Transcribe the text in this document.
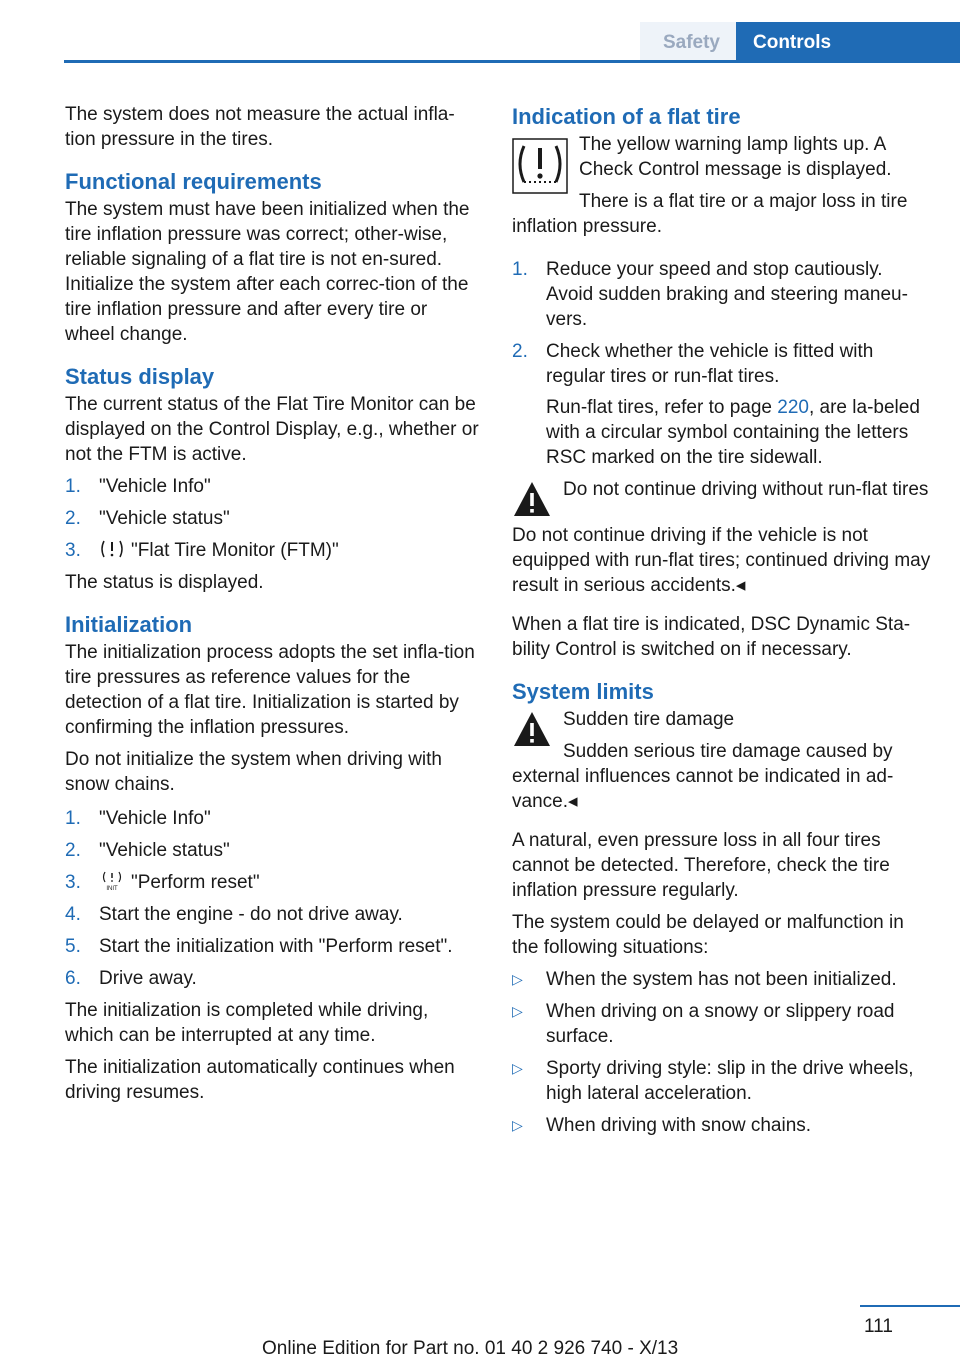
Safety	Controls

The system does not measure the actual infla-tion pressure in the tires.

Functional requirements

The system must have been initialized when the tire inflation pressure was correct; other-wise, reliable signaling of a flat tire is not en-sured. Initialize the system after each correc-tion of the tire inflation pressure and after every tire or wheel change.

Status display

The current status of the Flat Tire Monitor can be displayed on the Control Display, e.g., whether or not the FTM is active.

1. "Vehicle Info"
2. "Vehicle status"
3.	"Flat Tire Monitor (FTM)"

The status is displayed.

Initialization

The initialization process adopts the set infla-tion tire pressures as reference values for the detection of a flat tire. Initialization is started by confirming the inflation pressures.

Do not initialize the system when driving with snow chains.

1. "Vehicle Info"
2. "Vehicle status"
3.	INIT "Perform reset"
4. Start the engine - do not drive away.
5. Start the initialization with "Perform reset".
6. Drive away.

The initialization is completed while driving, which can be interrupted at any time.

The initialization automatically continues when driving resumes.

Indication of a flat tire

The yellow warning lamp lights up. A Check Control message is displayed.

There is a flat tire or a major loss in tire

inflation pressure.

1. Reduce your speed and stop cautiously. Avoid sudden braking and steering maneu-vers.
2. Check whether the vehicle is fitted with regular tires or run-flat tires.

Run-flat tires, refer to page 220, are la-beled with a circular symbol containing the letters RSC marked on the tire sidewall.

Do not continue driving without run-flat tires

Do not continue driving if the vehicle is not equipped with run-flat tires; continued driving may result in serious accidents.◂

When a flat tire is indicated, DSC Dynamic Sta-bility Control is switched on if necessary.

System limits

Sudden tire damage

Sudden serious tire damage caused by

external influences cannot be indicated in ad-vance.◂

A natural, even pressure loss in all four tires cannot be detected. Therefore, check the tire inflation pressure regularly.

The system could be delayed or malfunction in the following situations:

▷	When the system has not been initialized.
▷	When driving on a snowy or slippery road surface.
▷	Sporty driving style: slip in the drive wheels, high lateral acceleration.
▷	When driving with snow chains.
111
Online Edition for Part no. 01 40 2 926 740 - X/13
